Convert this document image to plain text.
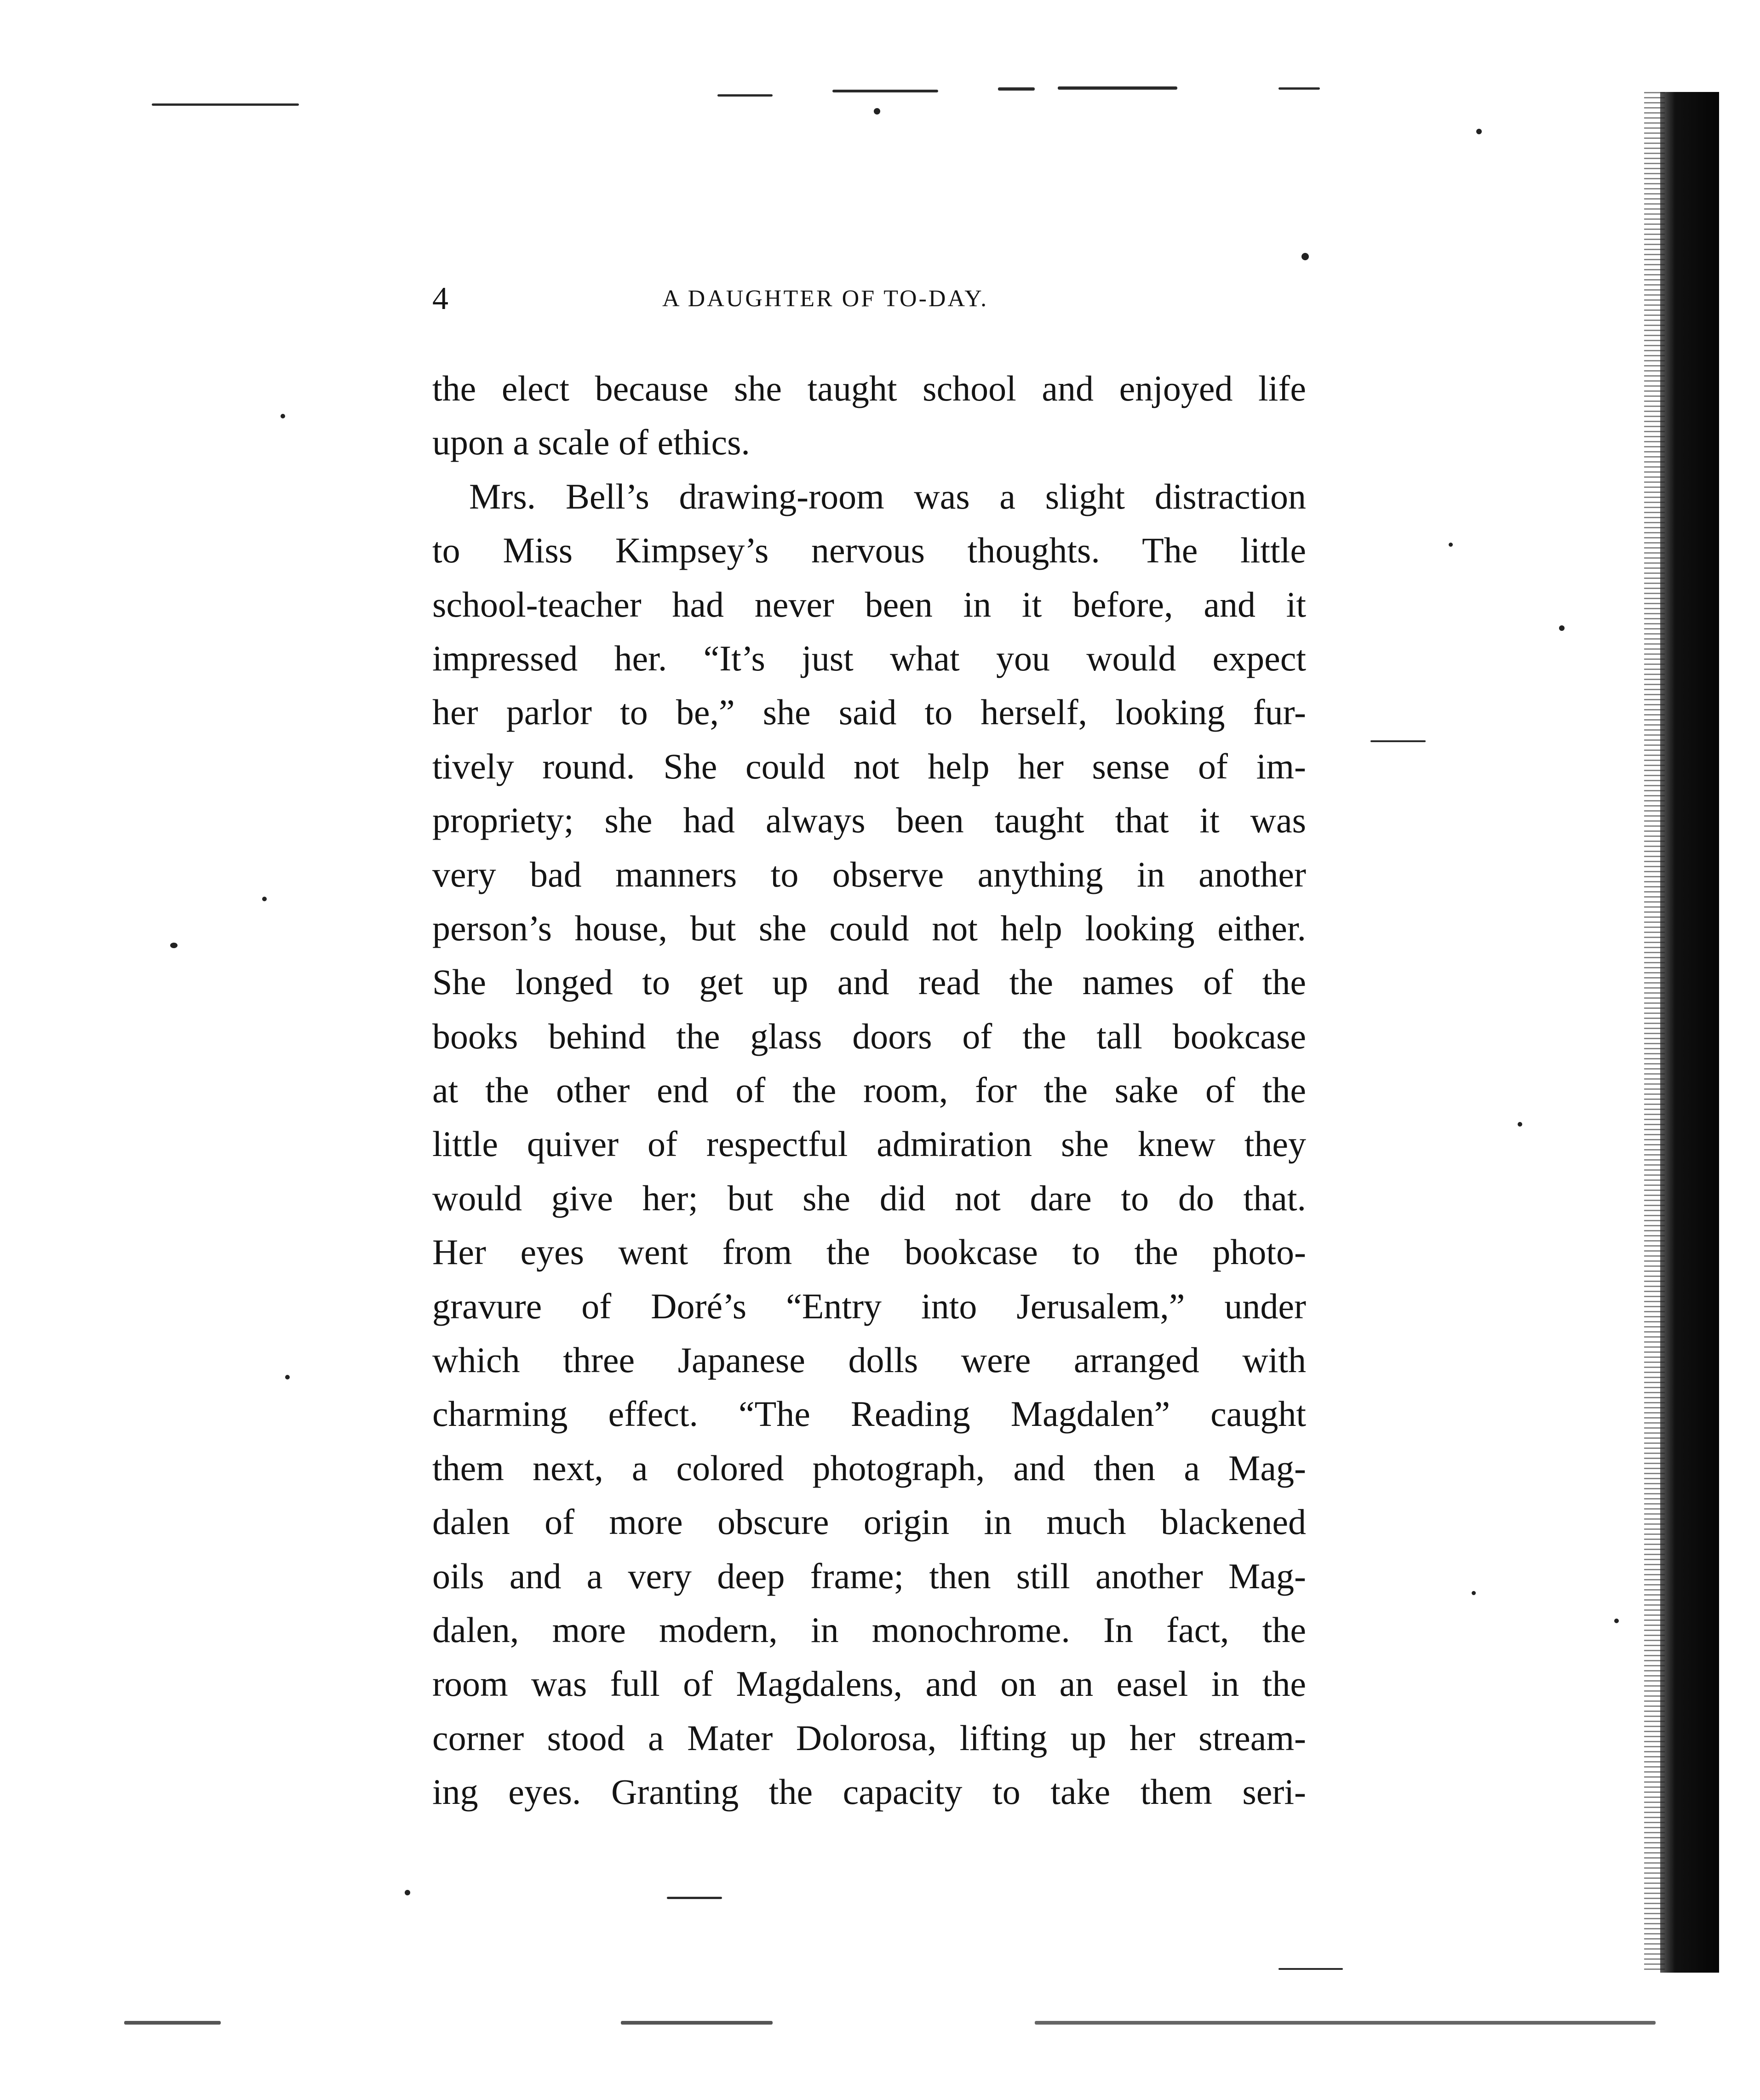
4	A DAUGHTER OF TO-DAY.
the elect because she taught school and enjoyed life
upon a scale of ethics.
Mrs. Bell’s drawing-room was a slight distraction
to Miss Kimpsey’s nervous thoughts. The little
school-teacher had never been in it before, and it
impressed her. “It’s just what you would expect
her parlor to be,” she said to herself, looking fur-
tively round. She could not help her sense of im-
propriety; she had always been taught that it was
very bad manners to observe anything in another
person’s house, but she could not help looking either.
She longed to get up and read the names of the
books behind the glass doors of the tall bookcase
at the other end of the room, for the sake of the
little quiver of respectful admiration she knew they
would give her; but she did not dare to do that.
Her eyes went from the bookcase to the photo-
gravure of Doré’s “Entry into Jerusalem,” under
which three Japanese dolls were arranged with
charming effect. “The Reading Magdalen” caught
them next, a colored photograph, and then a Mag-
dalen of more obscure origin in much blackened
oils and a very deep frame; then still another Mag-
dalen, more modern, in monochrome. In fact, the
room was full of Magdalens, and on an easel in the
corner stood a Mater Dolorosa, lifting up her stream-
ing eyes. Granting the capacity to take them seri-
